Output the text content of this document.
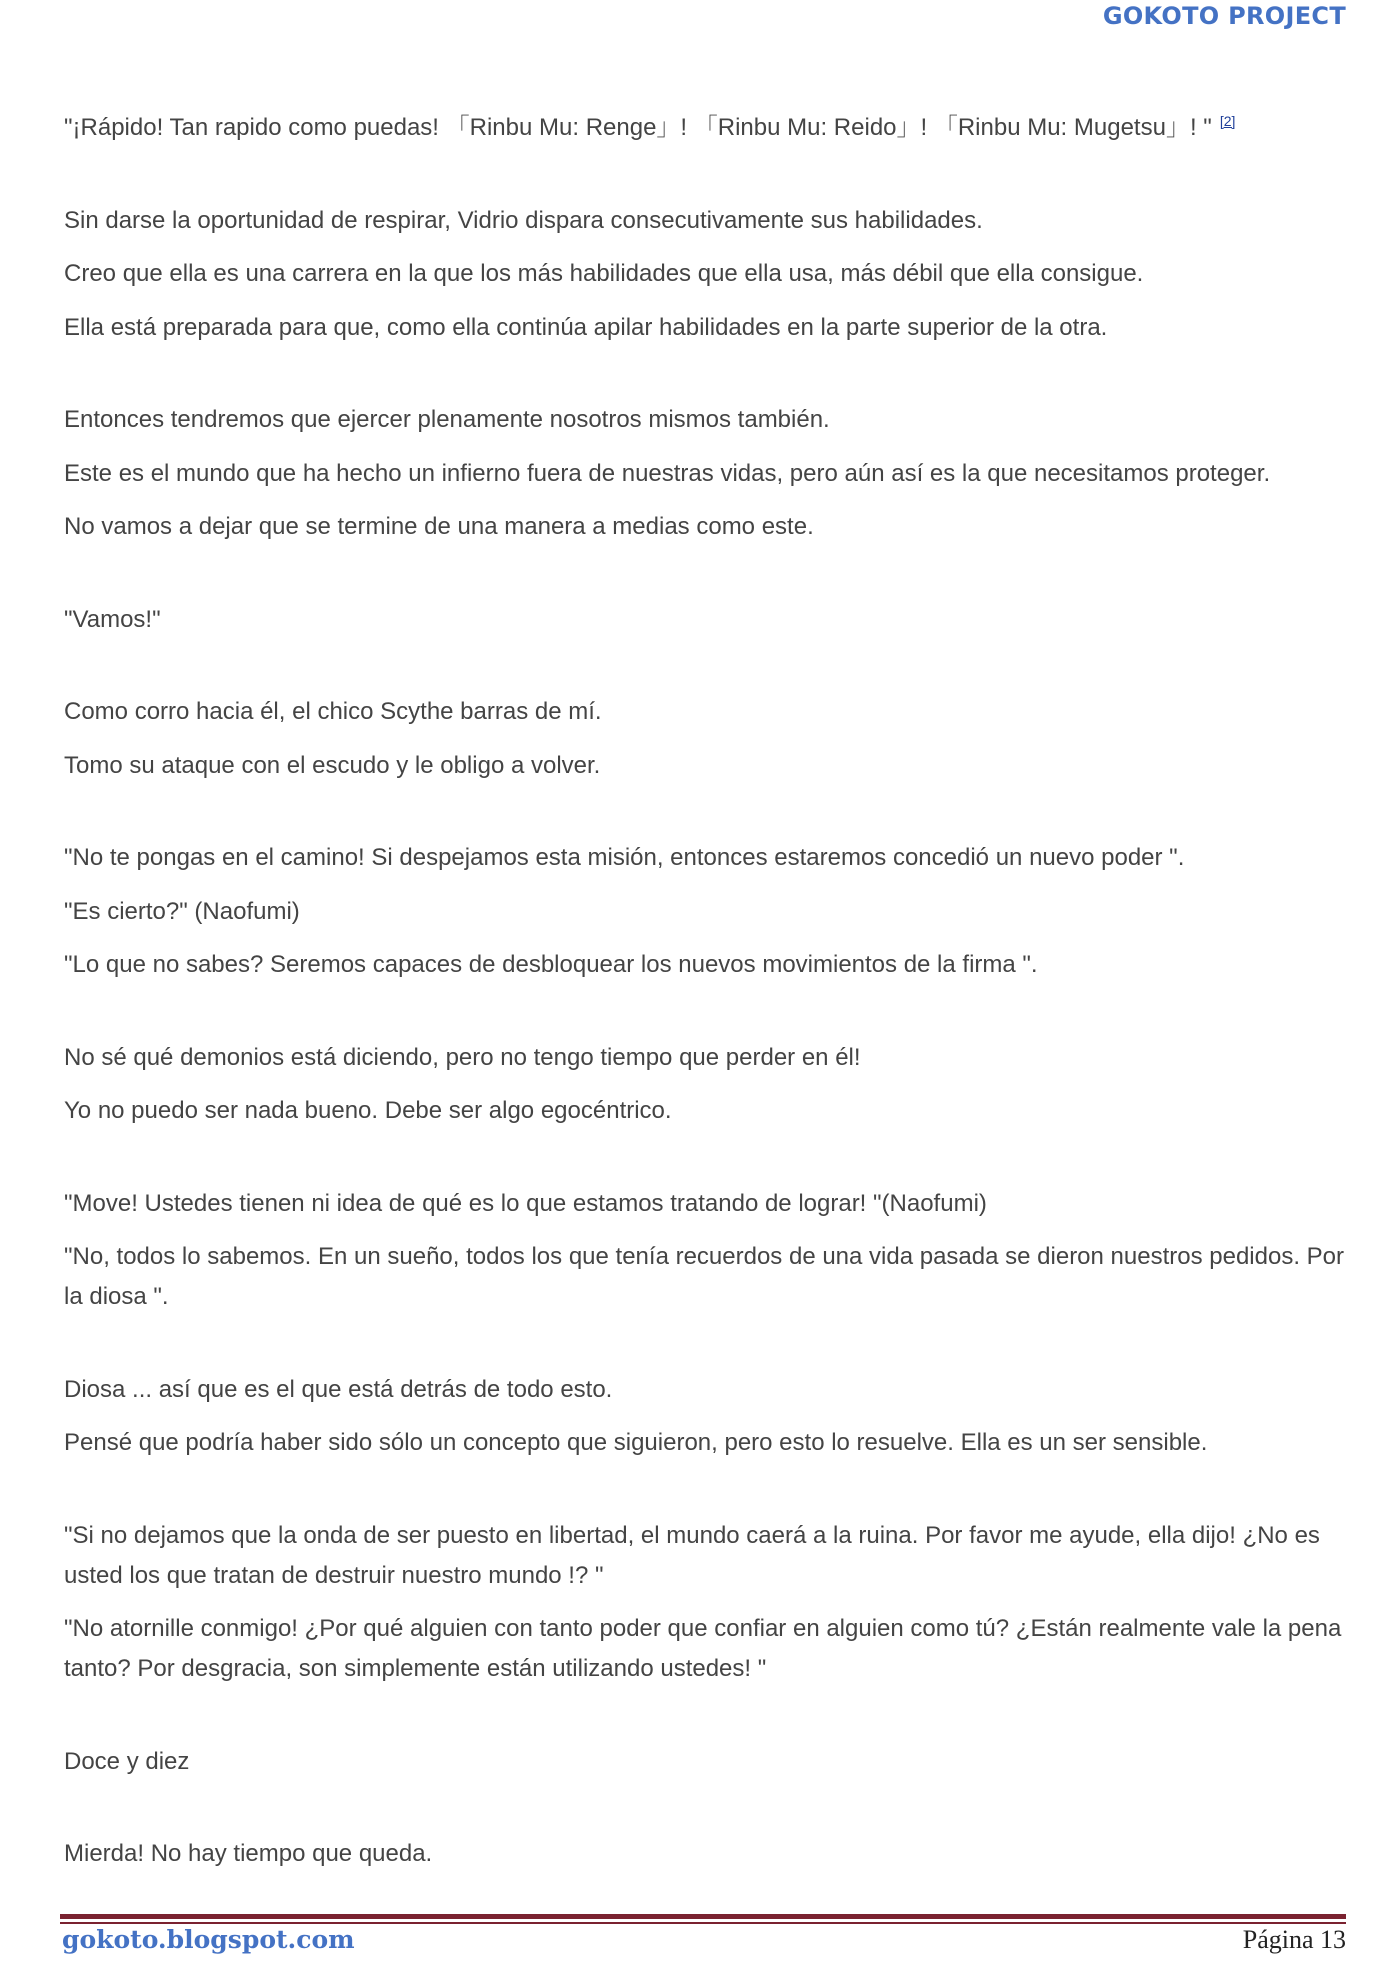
GOKOTO PROJECT

"¡Rápido! Tan rapido como puedas! 「Rinbu Mu: Renge」! 「Rinbu Mu: Reido」! 「Rinbu Mu: Mugetsu」! " [2]

Sin darse la oportunidad de respirar, Vidrio dispara consecutivamente sus habilidades.

Creo que ella es una carrera en la que los más habilidades que ella usa, más débil que ella consigue.

Ella está preparada para que, como ella continúa apilar habilidades en la parte superior de la otra.

Entonces tendremos que ejercer plenamente nosotros mismos también.

Este es el mundo que ha hecho un infierno fuera de nuestras vidas, pero aún así es la que necesitamos proteger.

No vamos a dejar que se termine de una manera a medias como este.

"Vamos!"

Como corro hacia él, el chico Scythe barras de mí.

Tomo su ataque con el escudo y le obligo a volver.

"No te pongas en el camino! Si despejamos esta misión, entonces estaremos concedió un nuevo poder ".

"Es cierto?" (Naofumi)

"Lo que no sabes? Seremos capaces de desbloquear los nuevos movimientos de la firma ".

No sé qué demonios está diciendo, pero no tengo tiempo que perder en él!

Yo no puedo ser nada bueno. Debe ser algo egocéntrico.

"Move! Ustedes tienen ni idea de qué es lo que estamos tratando de lograr! "(Naofumi)

"No, todos lo sabemos. En un sueño, todos los que tenía recuerdos de una vida pasada se dieron nuestros pedidos. Por la diosa ".

Diosa ... así que es el que está detrás de todo esto.

Pensé que podría haber sido sólo un concepto que siguieron, pero esto lo resuelve. Ella es un ser sensible.

"Si no dejamos que la onda de ser puesto en libertad, el mundo caerá a la ruina. Por favor me ayude, ella dijo! ¿No es usted los que tratan de destruir nuestro mundo !? "

"No atornille conmigo! ¿Por qué alguien con tanto poder que confiar en alguien como tú? ¿Están realmente vale la pena tanto? Por desgracia, son simplemente están utilizando ustedes! "

Doce y diez

Mierda! No hay tiempo que queda.

gokoto.blogspot.com	Página 13
